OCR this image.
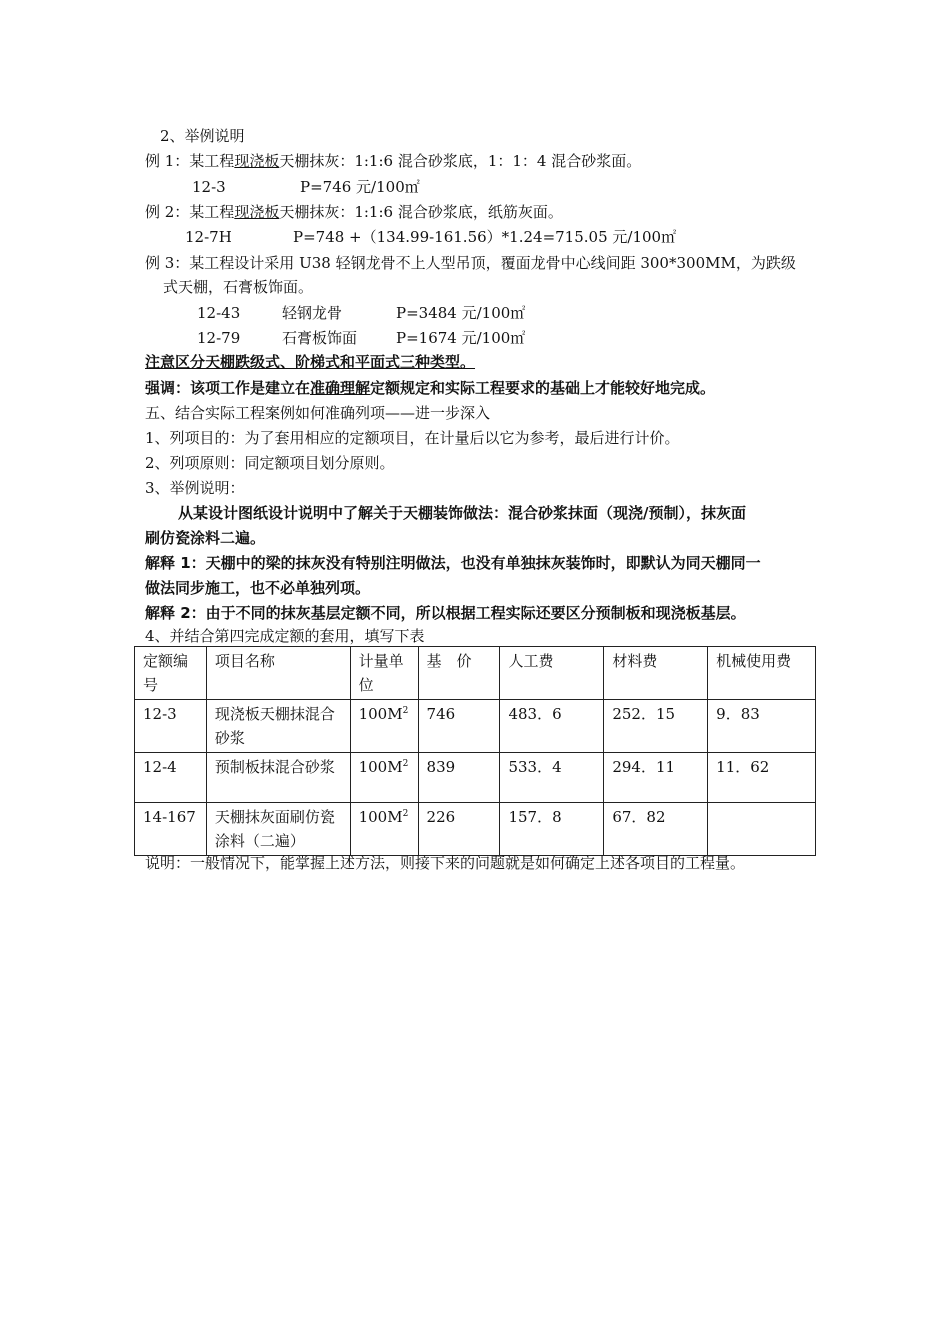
2、举例说明
例 1：某工程现浇板天棚抹灰：1:1:6 混合砂浆底，1：1：4 混合砂浆面。
12-3	P=746 元/100㎡
例 2：某工程现浇板天棚抹灰：1:1:6 混合砂浆底，纸筋灰面。
12-7H	P=748 +（134.99-161.56）*1.24=715.05 元/100㎡
例 3：某工程设计采用 U38 轻钢龙骨不上人型吊顶，覆面龙骨中心线间距 300*300MM，为跌级
式天棚，石膏板饰面。
12-43	轻钢龙骨	P=3484 元/100㎡
12-79	石膏板饰面	P=1674 元/100㎡
注意区分天棚跌级式、阶梯式和平面式三种类型。
强调：该项工作是建立在准确理解定额规定和实际工程要求的基础上才能较好地完成。
五、结合实际工程案例如何准确列项——进一步深入
1、列项目的：为了套用相应的定额项目，在计量后以它为参考，最后进行计价。
2、列项原则：同定额项目划分原则。
3、举例说明：
从某设计图纸设计说明中了解关于天棚装饰做法：混合砂浆抹面（现浇/预制），抹灰面
刷仿瓷涂料二遍。
解释 1：天棚中的梁的抹灰没有特别注明做法，也没有单独抹灰装饰时，即默认为同天棚同一
做法同步施工，也不必单独列项。
解释 2：由于不同的抹灰基层定额不同，所以根据工程实际还要区分预制板和现浇板基层。
4、并结合第四完成定额的套用，填写下表
定额编号	项目名称	计量单位	基　价	人工费	材料费	机械使用费
12-3	现浇板天棚抹混合砂浆	$100M^2$	746	483．6	252．15	9．83
12-4	预制板抹混合砂浆	$100M^2$	839	533．4	294．11	11．62
14-167	天棚抹灰面刷仿瓷涂料（二遍）	$100M^2$	226	157．8	67．82	
说明：一般情况下，能掌握上述方法，则接下来的问题就是如何确定上述各项目的工程量。
